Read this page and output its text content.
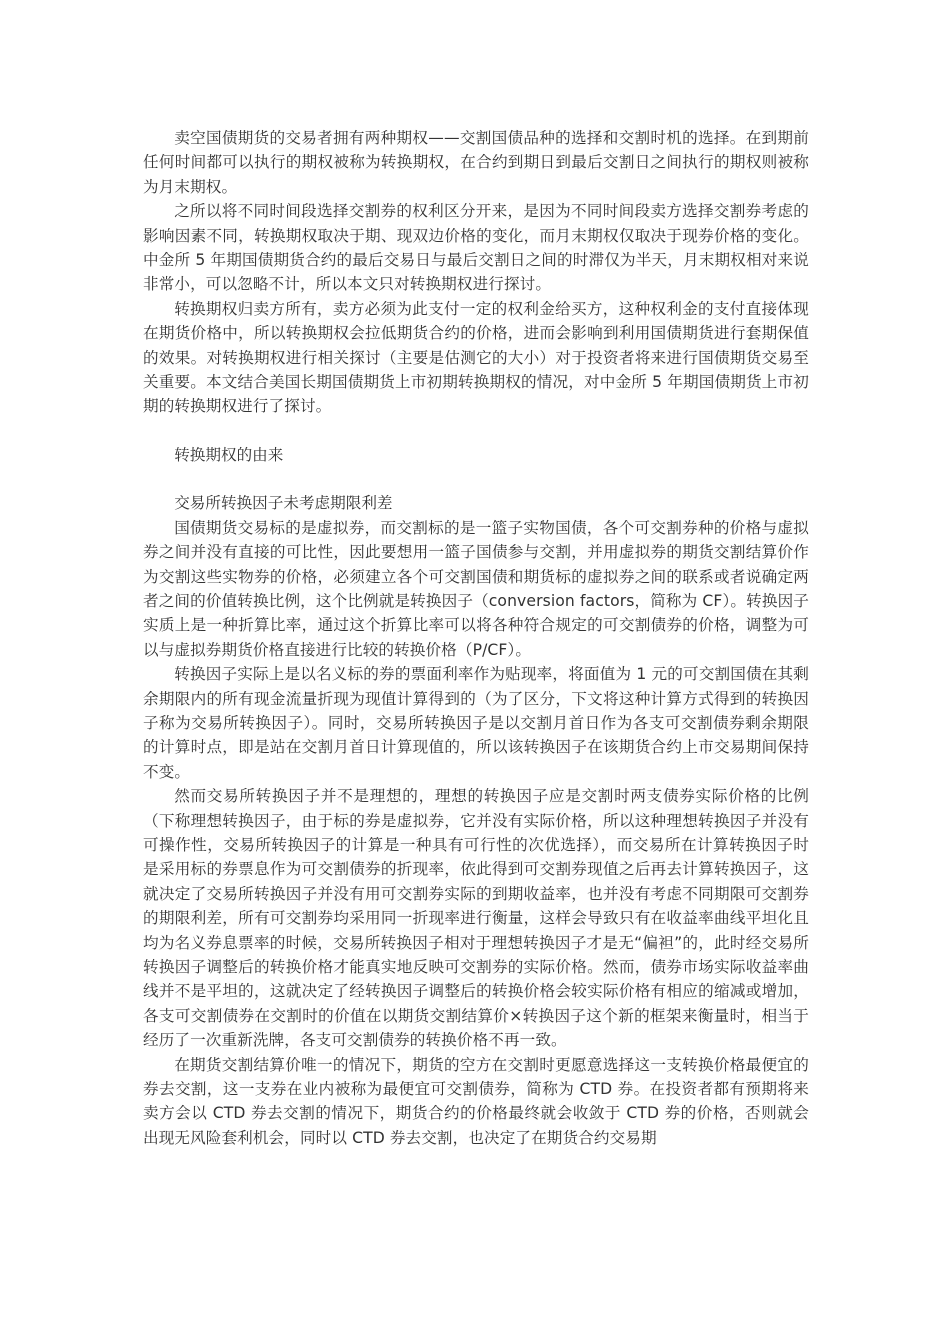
卖空国债期货的交易者拥有两种期权——交割国债品种的选择和交割时机的选择。在到期前任何时间都可以执行的期权被称为转换期权，在合约到期日到最后交割日之间执行的期权则被称为月末期权。

之所以将不同时间段选择交割券的权利区分开来，是因为不同时间段卖方选择交割券考虑的影响因素不同，转换期权取决于期、现双边价格的变化，而月末期权仅取决于现券价格的变化。中金所 5 年期国债期货合约的最后交易日与最后交割日之间的时滞仅为半天，月末期权相对来说非常小，可以忽略不计，所以本文只对转换期权进行探讨。

转换期权归卖方所有，卖方必须为此支付一定的权利金给买方，这种权利金的支付直接体现在期货价格中，所以转换期权会拉低期货合约的价格，进而会影响到利用国债期货进行套期保值的效果。对转换期权进行相关探讨（主要是估测它的大小）对于投资者将来进行国债期货交易至关重要。本文结合美国长期国债期货上市初期转换期权的情况，对中金所 5 年期国债期货上市初期的转换期权进行了探讨。

转换期权的由来

交易所转换因子未考虑期限利差

国债期货交易标的是虚拟券，而交割标的是一篮子实物国债，各个可交割券种的价格与虚拟券之间并没有直接的可比性，因此要想用一篮子国债参与交割，并用虚拟券的期货交割结算价作为交割这些实物券的价格，必须建立各个可交割国债和期货标的虚拟券之间的联系或者说确定两者之间的价值转换比例，这个比例就是转换因子（conversion factors，简称为 CF）。转换因子实质上是一种折算比率，通过这个折算比率可以将各种符合规定的可交割债券的价格，调整为可以与虚拟券期货价格直接进行比较的转换价格（P/CF）。

转换因子实际上是以名义标的券的票面利率作为贴现率，将面值为 1 元的可交割国债在其剩余期限内的所有现金流量折现为现值计算得到的（为了区分，下文将这种计算方式得到的转换因子称为交易所转换因子）。同时，交易所转换因子是以交割月首日作为各支可交割债券剩余期限的计算时点，即是站在交割月首日计算现值的，所以该转换因子在该期货合约上市交易期间保持不变。

然而交易所转换因子并不是理想的，理想的转换因子应是交割时两支债券实际价格的比例（下称理想转换因子，由于标的券是虚拟券，它并没有实际价格，所以这种理想转换因子并没有可操作性，交易所转换因子的计算是一种具有可行性的次优选择），而交易所在计算转换因子时是采用标的券票息作为可交割债券的折现率，依此得到可交割券现值之后再去计算转换因子，这就决定了交易所转换因子并没有用可交割券实际的到期收益率，也并没有考虑不同期限可交割券的期限利差，所有可交割券均采用同一折现率进行衡量，这样会导致只有在收益率曲线平坦化且均为名义券息票率的时候，交易所转换因子相对于理想转换因子才是无“偏袒”的，此时经交易所转换因子调整后的转换价格才能真实地反映可交割券的实际价格。然而，债券市场实际收益率曲线并不是平坦的，这就决定了经转换因子调整后的转换价格会较实际价格有相应的缩减或增加，各支可交割债券在交割时的价值在以期货交割结算价×转换因子这个新的框架来衡量时，相当于经历了一次重新洗牌，各支可交割债券的转换价格不再一致。

在期货交割结算价唯一的情况下，期货的空方在交割时更愿意选择这一支转换价格最便宜的券去交割，这一支券在业内被称为最便宜可交割债券，简称为 CTD 券。在投资者都有预期将来卖方会以 CTD 券去交割的情况下，期货合约的价格最终就会收敛于 CTD 券的价格，否则就会出现无风险套利机会，同时以 CTD 券去交割，也决定了在期货合约交易期
